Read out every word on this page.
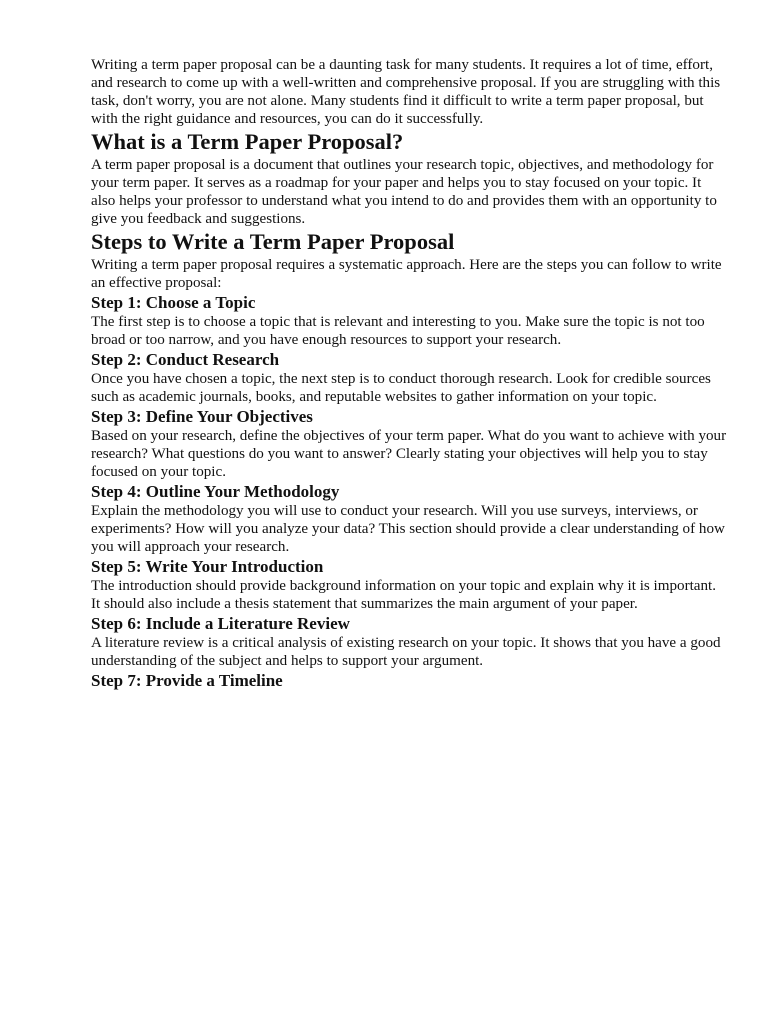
Writing a term paper proposal can be a daunting task for many students. It requires a lot of time, effort, and research to come up with a well-written and comprehensive proposal. If you are struggling with this task, don't worry, you are not alone. Many students find it difficult to write a term paper proposal, but with the right guidance and resources, you can do it successfully.

What is a Term Paper Proposal?

A term paper proposal is a document that outlines your research topic, objectives, and methodology for your term paper. It serves as a roadmap for your paper and helps you to stay focused on your topic. It also helps your professor to understand what you intend to do and provides them with an opportunity to give you feedback and suggestions.

Steps to Write a Term Paper Proposal

Writing a term paper proposal requires a systematic approach. Here are the steps you can follow to write an effective proposal:

Step 1: Choose a Topic

The first step is to choose a topic that is relevant and interesting to you. Make sure the topic is not too broad or too narrow, and you have enough resources to support your research.

Step 2: Conduct Research

Once you have chosen a topic, the next step is to conduct thorough research. Look for credible sources such as academic journals, books, and reputable websites to gather information on your topic.

Step 3: Define Your Objectives

Based on your research, define the objectives of your term paper. What do you want to achieve with your research? What questions do you want to answer? Clearly stating your objectives will help you to stay focused on your topic.

Step 4: Outline Your Methodology

Explain the methodology you will use to conduct your research. Will you use surveys, interviews, or experiments? How will you analyze your data? This section should provide a clear understanding of how you will approach your research.

Step 5: Write Your Introduction

The introduction should provide background information on your topic and explain why it is important. It should also include a thesis statement that summarizes the main argument of your paper.

Step 6: Include a Literature Review

A literature review is a critical analysis of existing research on your topic. It shows that you have a good understanding of the subject and helps to support your argument.

Step 7: Provide a Timeline
